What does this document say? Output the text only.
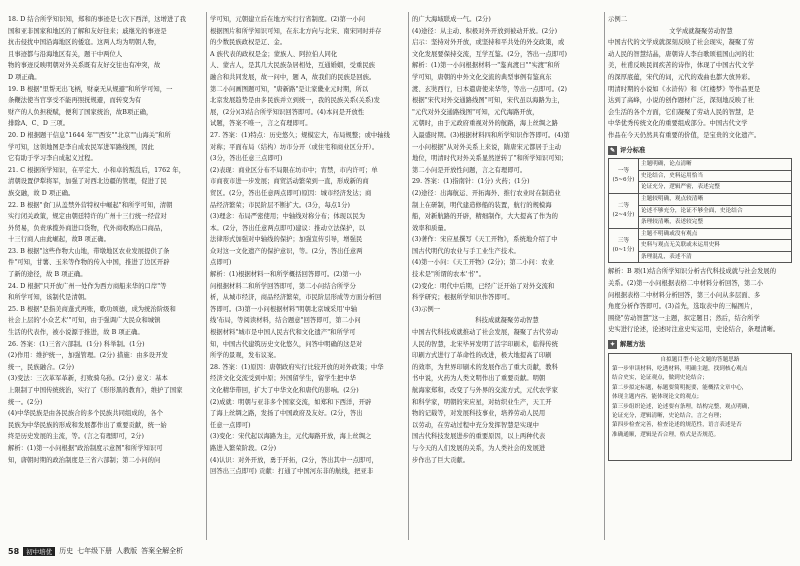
18. D 结合所学知识知，郑和的事迹是七次下西洋，这增进了我
国和亚非国家和地区的了解和友好往来；戚继光的事迹是
抗击侵扰中国沿海地区的倭寇。这两人均为明朝人物，
且事迹都与沿海地区有关，题干中两位人
物的事迹反映明朝对外关系既有友好交往也有冲突，故
D 项正确。
19. B 根据"里帮无出飞柄，财豪无从规避"和所学可知，一
条鞭法使当官享受不能再照抚规避，而转变为有
财产的人负担税赋，便利了国家统治，故B项正确，
排除A、C、D 三项。
20. D 根据题干信息"1644 年""西安""北京""山海关"和所
学可知，这领地图是李自成农民军进军路线图，因此
它有助于学习李自成起义过程。
21. C 根据所学知识，在平定大、小和卓的叛乱后，1762 年，
清朝设置伊犁将军，加强了对西北边疆的管理，促进了民
族交融，故 D 项正确。
22. B 根据"食门从盖禁外营特权中崛起"和所学可知，清朝
实行闭关政策，规定由朝廷特许的广州十三行统一经营对
外贸易，负责承揽外商进口货物，代外商收购出口商品，
十三行商人由此崛起，故B 项正确。
23. B 根据"这些作物大山地，带墩地区农业发展提供了条
件"可知，甘薯、玉米等作物的传入中国，推进了边区开辟
了新的途径，故 B 项正确。
24. D 根据"只开放广州一处作为西方商船来华的口岸"等
和所学可知，该制代是清朝。
25. B 根据"是指美商蓬式再账，歌功颂德，成为统治阶级和
社会上层的'小众艺术'"可知，由于强调广大民众和城镇
生活的代表作，被小说源于推进，故 B 项正确。
26. 答案：(1)三省六部制。(1分) 科举制。(1分)
(2)作用：维护统一，加强管理。(2分) 措施：由多设开发
统一，民族融合。(2分)
(3)变法：三次革军革新，打败骑乌孙。(2分) 意义：基本
上限制了中国传统统治，实行了《形形黑的教育》，维护了国家
统一。(2分)
(4)中华民族是由各民族合的多个民族共同组成的，各个
民族为中华民族的形成和发展都作出了重要贡献，统一始
终是历史发展的主流，等。(言之有理即可，2分)
解析：(1)第一小问根据"政治制度示意图"和所学知识可
知，唐朝时期的政治制度是三省六部制；第二小问的问
学可知，元朝建立后在地方实行行省制度。(2)第一小问
根据图片和所学知识可知，在东北方向与北宋、南宋同时并存
的少数民族政权是辽、金。
A 族代表的政权是金；蒙族人、阿拉伯人同化
人、蒙古人，是其几大民族杂居相处，互通婚姻，受重民族
融合和共同发展，故一问中，题 A，故我们的民族是回族。
第二小问画图题可知，"唐新路"是让家畿业元时期，所以
北京发展趋势是由多民族并立到统一，我的民族关系(关系)发
展，(2分)(3)结合所学知识回答即可。(4)本问是开放性
试题，答案不唯一，言之有理即可。
27. 答案：(1)特点：历史悠久；规模宏大，布局规整；或中轴线
对称；平面布局（结构）坊市分开（或住宅和商业区分开）。
(3分，答出任意三点即可)
(2)表现：商业区分布不局限在坊市中；宵禁，市内许可；单
市商夜市进一步发展；商贸活动繁荣到一直，形成新的商
贸区。(2分，答出任意两点即可)原因：城市经济发达；商
品经济繁荣；市民阶层不断扩大。(3分，每点1分)
(3)理念：布局严密使用；中轴线对称分布；体现以民为
本。(2分，答出任意两点即可)建议：推动立法保护，以
法律形式加强对中轴线的保护；加强宣传引导，增强民
众对这一文化遗产的保护意识，等。(2分，答出任意两
点即可)
解析：(1)根据材料一和所学概括回答即可。(2)第一小
问根据材料二和所学回答即可，第二小问结合所学分
析，从城市经济，商品经济繁荣，市民阶层形成等方面分析回
答即可。(3)第一小问根据材料"明朝北京城采用'中轴
线'布局，等阅读材料，结合题意"回答即可，第二小问
根据材料"城市是中国人民古代和文化遗产"和所学可
知，中国古代建筑历史文化悠久，问答中明确的这是对
所学的景观，发布议案。
28. 答案：(1)原因：唐朝政府实行比较开放的对外政策；中华
经济文化交流受到中原；外国留学生，留学生把中华
文化精华带回，扩大了中华文化和唐代的影响。(2分)
(2)成就：明朝与亚非多个国家交流，如郑和下西洋，开辟
了海上丝绸之路，发扬了中国政府及友好。(2分，答出
任意一点即可)
(3)变化：宋代起以海路为主，元代海路开放，海上丝绸之
路进入繁荣阶段。(2分)
(4)认识：对外开放，勇于开拓，(2分，答出其中一点即可，
回答出三点即可) 贡献：打通了中国河东非的航线，把亚非
的广大海域联成一气。(2分)
(4)途径：从主动、积极对外开放到被动开放。(2分)
启示：坚持对外开放，或坚持和平共处的外交政策，或
文化发展要保持交流，互学互鉴。(2分，答出一点即可)
解析：(1)第一小问根据材料一"鉴真渡日""实渡"和所
学可知，唐朝的中外文化交流的典型事例有鉴真东
渡、玄奘西行，日本遣唐使来华等，等出一点即可。(2)
根据"宋代对外交通路线图"可知，宋代虽以海路为主，
"元代对外交通路线图"可知，元代海路开放，
元朝时，由于元政府重视对外的航路，海上丝绸之路
入最盛时期。(3)根据材料四和所学知识作答即可。(4)第
一小问根据"从对外关系上来说，隋唐宋元都居于主动
地位，明清时代对外关系显然逆转了"和所学知识可知；
第二小问是开放性问题，言之有理即可。
29. 答案：(1)指南针：(1分) 火药；(1分)
(2)途径：出海航运、开拓海外、推行农业时在制造业
制上在研制，明代建造修船的装置，航行的规模海
船，对新航路的开辟，精细制作，大大提高了作为的
效率和质量。
(3)著作：宋应星撰写《天工开物》，系统地介绍了中
国古代明代的农业与手工业生产技术。
(4)第一小问：《天工开物》(2分)；第二小问：农业
技术是"所谓的农本'书'"。
(2)变化：明代中后期，已经广泛开始了对外交流和
科学研究；根据所学知识作答即可。
(3)示例一
科技成就凝聚劳动智慧
中国古代科技成就推动了社会发展，凝聚了古代劳动
人民的智慧，北宋毕昇发明了活字印刷术，临得传统
印刷方式进行了革命性的改进，极大地提高了印刷
的效率，为世界印刷术的发展作出了重大贡献，教科
书中说，火药为人类文明作出了重要贡献。明朝
航海家郑和，改变了与外界的交流方式，元代农学家
和科学家，明朝的宋应星，对纺织业生产，天工开
物的记载等，对发展科技事业，培养劳动人民用
以劳动，在劳动过程中充分发挥智慧是实现中
国古代科技发展进步的重要原因，以上两种代表
与今天的人们发展的关系，为人类社会的发展进
步作出了巨大贡献。
示例二
文学成就凝聚劳动智慧
中国古代的文学成就深刻反映了社会现实，凝聚了劳
动人民的智慧结晶，唐朝诗人李白歌颂祖国山河的壮
美，杜甫反映民间疾苦的诗作，体现了中国古代文学
的深厚底蕴，宋代的词，元代的戏曲也都大放异彩。
明清时期的小说如《水浒传》和《红楼梦》等作品更是
达到了高峰，小说的创作题材广泛，深刻地反映了社
会生活的各个方面，它们凝聚了劳动人民的智慧，是
中华优秀传统文化的重要组成部分。中国古代文学
作品在今天仍然具有重要的价值，是宝贵的文化遗产。
✎ 评分标准
一等
(5~6分)	主题明确，论点清晰
	史论结合，史料运用恰当
	论证充分，逻辑严密，表述完整

二等
(2~4分)	主题较明确，观点较清晰
	论述不够充分，论证不够全面，史论结合
	条理较清晰，表述较完整

三等
(0~1分)	主题不明确或没有观点
	史料与观点无关联或未运用史料
	条理混乱，表述不清
解析：B 项(1)结合所学知识分析古代科技成就与社会发展的
关系。(2)第一小问根据表格二中材料分析回答，第二小
问根据表格二中材料分析回答，第三小问从多层面、多
角度分析作答即可。(3)首先，选取表中的三幅图片，
围绕"劳动智慧"这一主题，拟定题目；然后，结合所学
史实进行论述，论述时注意史实运用，史论结合，条理清晰。
✦ 解题方法
自拟题目型小论文题的答题思路
第一步审读材料，吃透材料，明确主题，找到核心观点
结合史实，论证观点，做到史论结合；
第二步拟定标题，标题要简明扼要，能概括文章中心，
体现主题内容，能体现论文的观点；
第三步组织论述，论述要有条理，结构完整，观点明确，
论证充分，逻辑清晰，史论结合，言之有理；
第四步检查完善，检查论述的规范性，语言表述是否
准确通顺，逻辑是否合理，格式是否规范。
58	初中培优	历史 七年级下册 人教版 答案全解全析
